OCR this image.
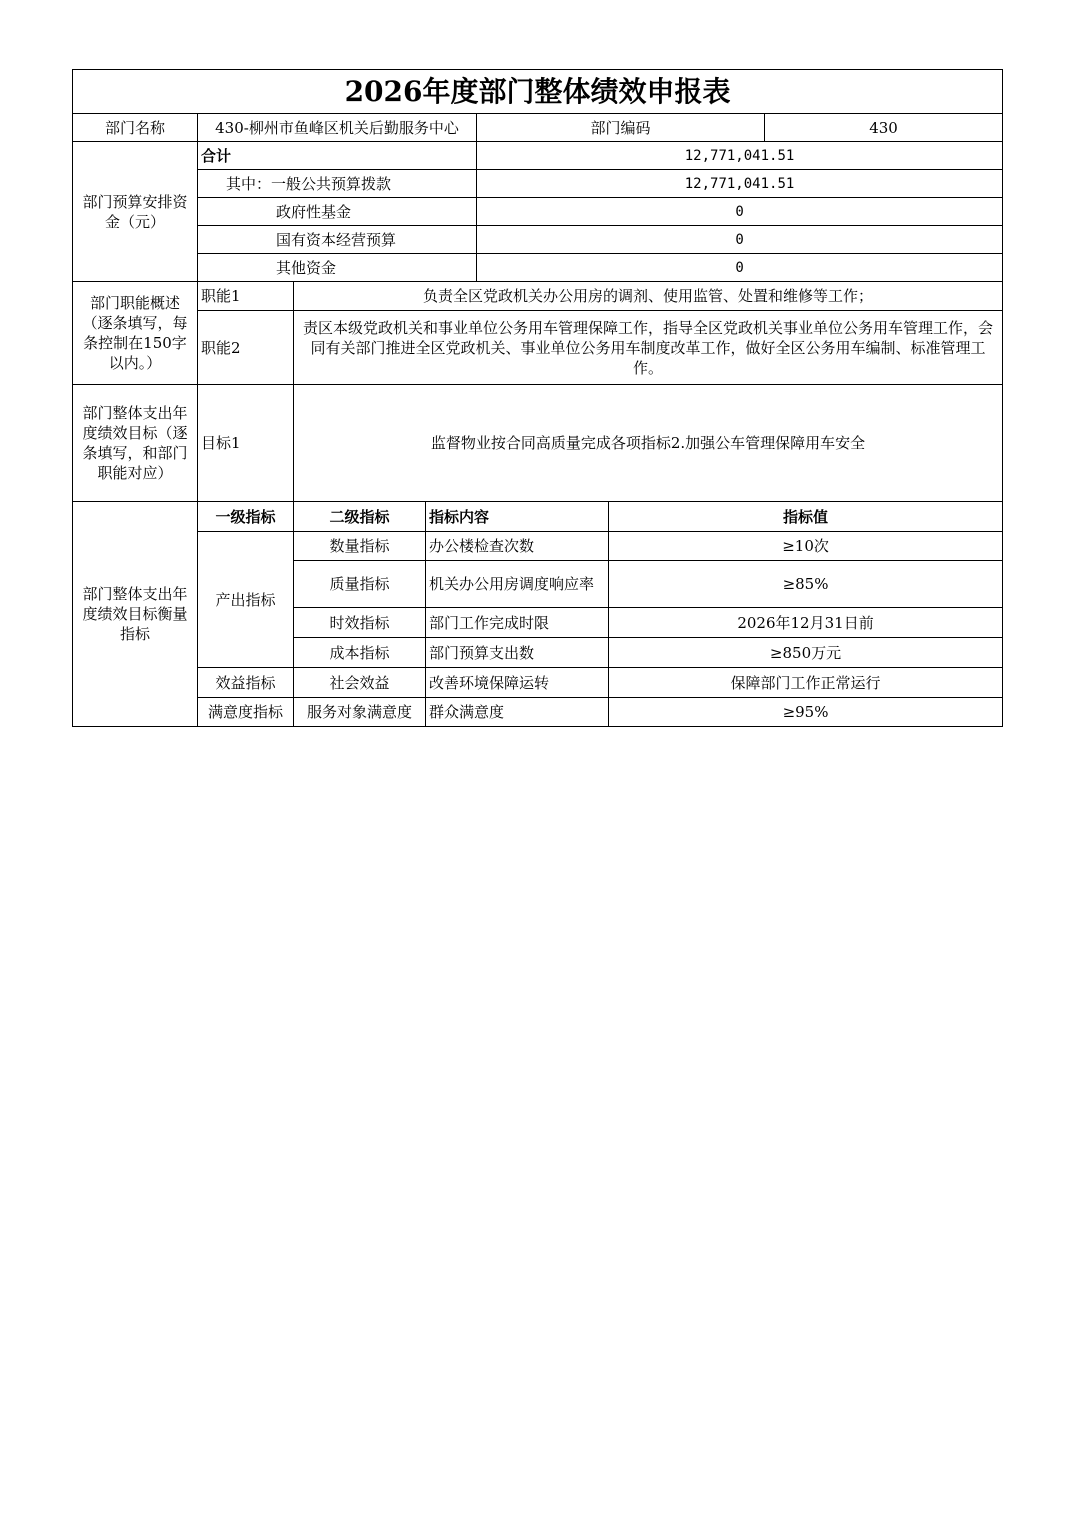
2026年度部门整体绩效申报表						
部门名称	430-柳州市鱼峰区机关后勤服务中心			部门编码		430
部门预算安排资金（元）	合计			12,771,041.51		
	其中：一般公共预算拨款			12,771,041.51		
	政府性基金			0		
	国有资本经营预算			0		
	其他资金			0		
部门职能概述（逐条填写，每条控制在150字以内。）	职能1	负责全区党政机关办公用房的调剂、使用监管、处置和维修等工作；				
	职能2	责区本级党政机关和事业单位公务用车管理保障工作，指导全区党政机关事业单位公务用车管理工作，会同有关部门推进全区党政机关、事业单位公务用车制度改革工作，做好全区公务用车编制、标准管理工作。				
部门整体支出年度绩效目标（逐条填写，和部门职能对应）	目标1	监督物业按合同高质量完成各项指标2.加强公车管理保障用车安全				
部门整体支出年度绩效目标衡量指标	一级指标	二级指标	指标内容		指标值	
	产出指标	数量指标	办公楼检查次数		≥10次	
		质量指标	机关办公用房调度响应率		≥85%	
		时效指标	部门工作完成时限		2026年12月31日前	
		成本指标	部门预算支出数		≥850万元	
	效益指标	社会效益	改善环境保障运转		保障部门工作正常运行	
	满意度指标	服务对象满意度	群众满意度		≥95%	
